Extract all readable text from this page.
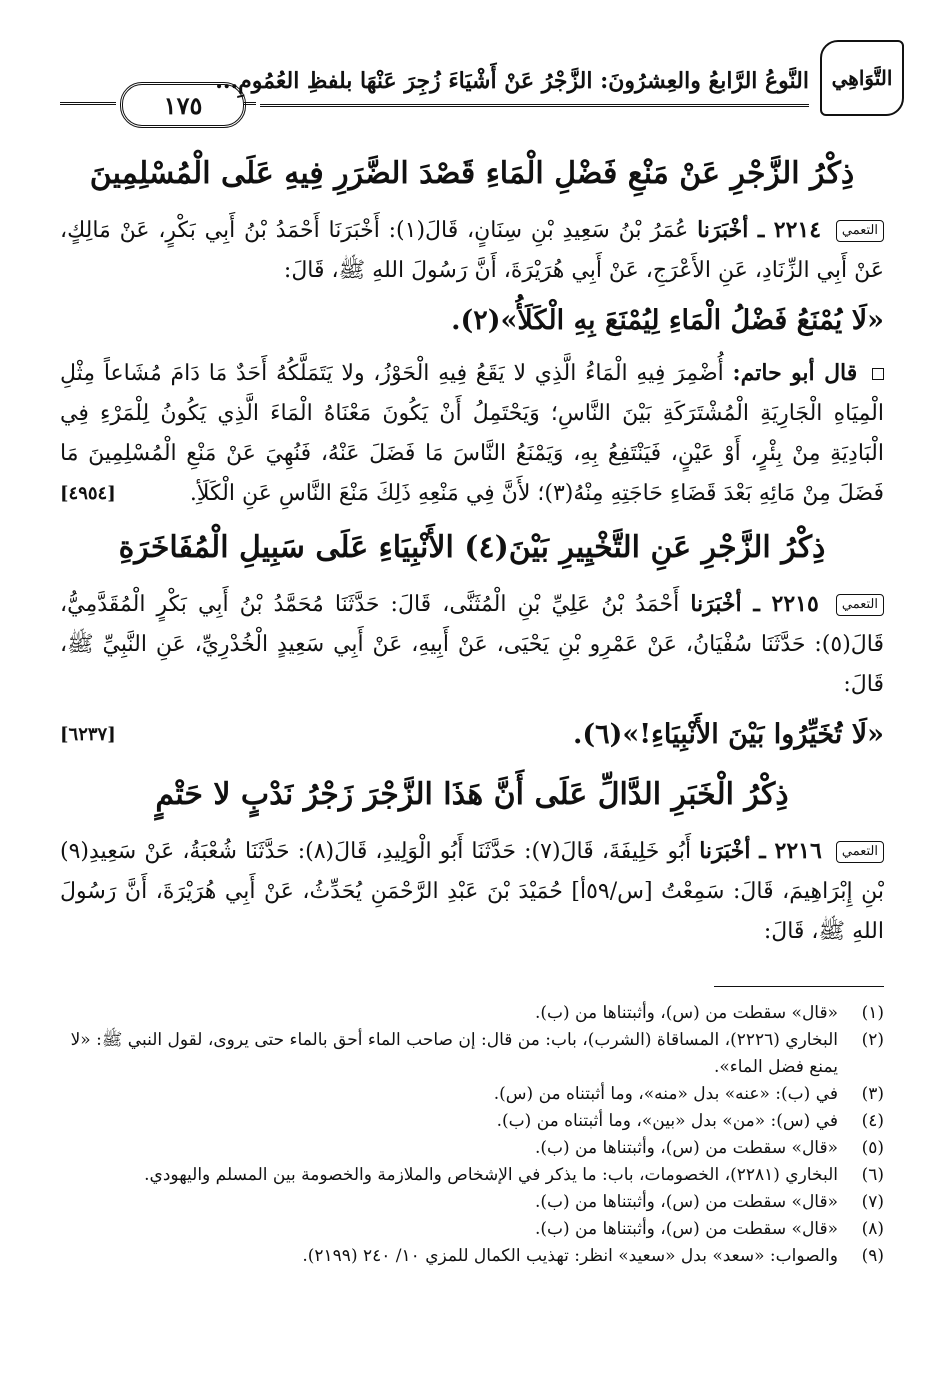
التَّوَاهِي
النَّوعُ الرَّابعُ والعِشرُونَ: الزَّجْرُ عَنْ أَشْيَاءَ زُجِرَ عَنْهَا بلفظِ العُمُومِ...
١٧٥
ذِكْرُ الزَّجْرِ عَنْ مَنْعِ فَضْلِ الْمَاءِ قَصْدَ الضَّرَرِ فِيهِ عَلَى الْمُسْلِمِينَ

التعمي ٢٢١٤ ـ أخْبَرَنا عُمَرُ بْنُ سَعِيدِ بْنِ سِنَانٍ، قَالَ(١): أَخْبَرَنَا أَحْمَدُ بْنُ أَبِي بَكْرٍ، عَنْ مَالِكٍ، عَنْ أَبِي الزِّنَادِ، عَنِ الأَعْرَجِ، عَنْ أَبِي هُرَيْرَةَ، أَنَّ رَسُولَ اللهِ ﷺ، قَالَ:

«لَا يُمْنَعُ فَضْلُ الْمَاءِ لِيُمْنَعَ بِهِ الْكَلَأُ»(٢).

قال أبو حاتم: أُضْمِرَ فِيهِ الْمَاءُ الَّذِي لا يَقَعُ فِيهِ الْحَوْزُ، ولا يَتَمَلَّكُهُ أَحَدٌ مَا دَامَ مُشَاعاً مِثْلِ الْمِيَاهِ الْجَارِيَةِ الْمُشْتَرَكَةِ بَيْنَ النَّاسِ؛ وَيَحْتَمِلُ أَنْ يَكُونَ مَعْنَاهُ الْمَاءَ الَّذِي يَكُونُ لِلْمَرْءِ فِي الْبَادِيَةِ مِنْ بِئْرٍ، أَوْ عَيْنٍ، فَيَنْتَفِعُ بِهِ، وَيَمْنَعُ النَّاسَ مَا فَضَلَ عَنْهُ، فَنُهِيَ عَنْ مَنْعِ الْمُسْلِمِينَ مَا فَضَلَ مِنْ مَائِهِ بَعْدَ قَضَاءِ حَاجَتِهِ مِنْهُ(٣)؛ لأَنَّ فِي مَنْعِهِ ذَلِكَ مَنْعَ النَّاسِ عَنِ الْكَلَأِ.
[٤٩٥٤]

ذِكْرُ الزَّجْرِ عَنِ التَّخْيِيرِ بَيْنَ(٤) الأَنْبِيَاءِ عَلَى سَبِيلِ الْمُفَاخَرَةِ

التعمي ٢٢١٥ ـ أخْبَرَنا أَحْمَدُ بْنُ عَلِيِّ بْنِ الْمُثَنَّى، قَالَ: حَدَّثَنَا مُحَمَّدُ بْنُ أَبِي بَكْرٍ الْمُقَدَّمِيُّ، قَالَ(٥): حَدَّثَنَا سُفْيَانُ، عَنْ عَمْرِو بْنِ يَحْيَى، عَنْ أَبِيهِ، عَنْ أَبِي سَعِيدٍ الْخُدْرِيِّ، عَنِ النَّبِيِّ ﷺ، قَالَ:

«لَا تُخَيِّرُوا بَيْنَ الأَنْبِيَاءِ!»(٦).
[٦٢٣٧]
ذِكْرُ الْخَبَرِ الدَّالِّ عَلَى أَنَّ هَذَا الزَّجْرَ زَجْرُ نَدْبٍ لا حَتْمٍ

التعمي ٢٢١٦ ـ أخْبَرَنا أَبُو خَلِيفَةَ، قَالَ(٧): حَدَّثَنَا أَبُو الْوَلِيدِ، قَالَ(٨): حَدَّثَنَا شُعْبَةُ، عَنْ سَعِيدِ(٩) بْنِ إِبْرَاهِيمَ، قَالَ: سَمِعْتُ [س/٥٩أ] حُمَيْدَ بْنَ عَبْدِ الرَّحْمَنِ يُحَدِّثُ، عَنْ أَبِي هُرَيْرَةَ، أَنَّ رَسُولَ اللهِ ﷺ، قَالَ:

(١)
«قال» سقطت من (س)، وأثبتناها من (ب).
(٢)
البخاري (٢٢٢٦)، المساقاة (الشرب)، باب: من قال: إن صاحب الماء أحق بالماء حتى يروى، لقول النبي ﷺ: «لا يمنع فضل الماء».
(٣)
في (ب): «عنه» بدل «منه»، وما أثبتناه من (س).
(٤)
في (س): «من» بدل «بين»، وما أثبتناه من (ب).
(٥)
«قال» سقطت من (س)، وأثبتناها من (ب).
(٦)
البخاري (٢٢٨١)، الخصومات، باب: ما يذكر في الإشخاص والملازمة والخصومة بين المسلم واليهودي.
(٧)
«قال» سقطت من (س)، وأثبتناها من (ب).
(٨)
«قال» سقطت من (س)، وأثبتناها من (ب).
(٩)
والصواب: «سعد» بدل «سعيد» انظر: تهذيب الكمال للمزي ١٠/ ٢٤٠ (٢١٩٩).
